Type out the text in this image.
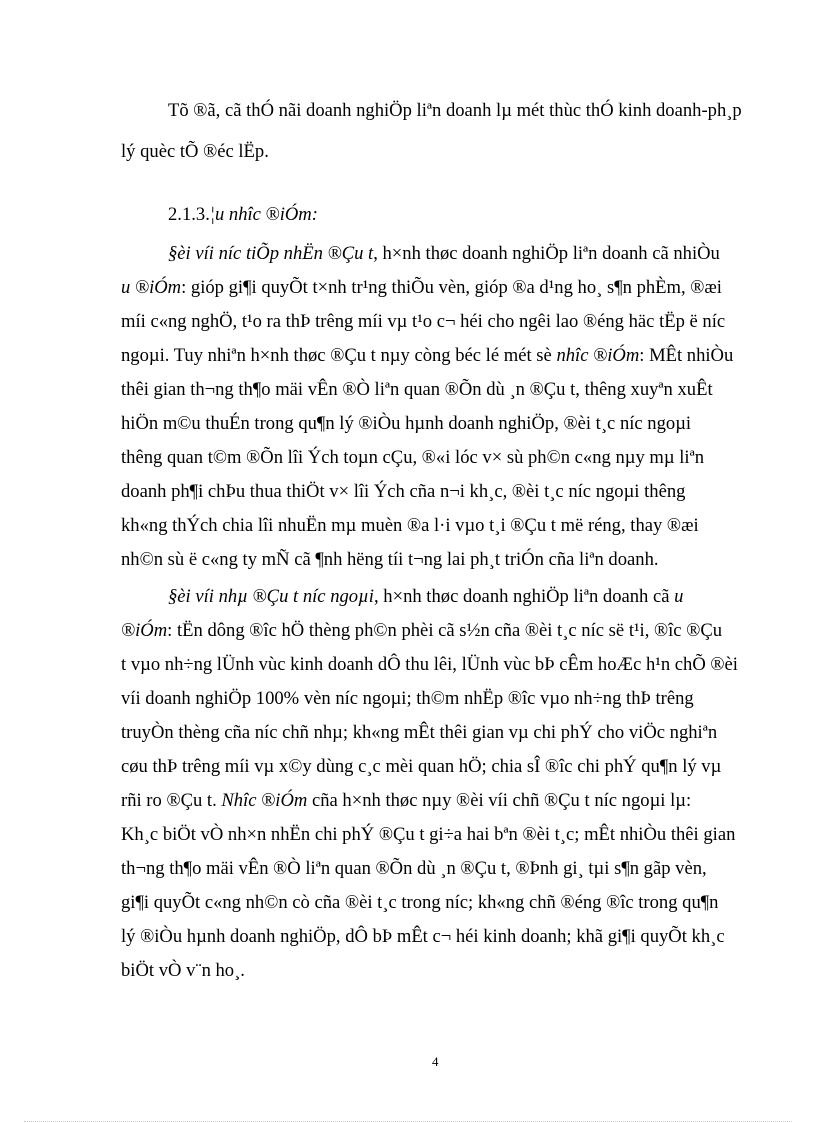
Tõ ®ã, cã thÓ nãi doanh nghiÖp liªn doanh lµ mét thùc thÓ kinh doanh-ph¸p
lý quèc tÕ ®éc lËp.
2.1.3.¦u nhîc ®iÓm:
§èi víi níc tiÕp nhËn ®Çu t, h×nh thøc doanh nghiÖp liªn doanh cã nhiÒu
u ®iÓm: gióp gi¶i quyÕt t×nh tr¹ng thiÕu vèn, gióp ®a d¹ng ho¸ s¶n phÈm, ®æi
míi c«ng nghÖ, t¹o ra thÞ trêng míi vµ t¹o c¬ héi cho ngêi lao ®éng häc tËp ë níc
ngoµi. Tuy nhiªn h×nh thøc ®Çu t nµy còng béc lé mét sè nhîc ®iÓm: MÊt nhiÒu
thêi gian th¬ng th¶o mäi vÊn ®Ò liªn quan ®Õn dù ¸n ®Çu t, thêng xuyªn xuÊt
hiÖn m©u thuÉn trong qu¶n lý ®iÒu hµnh doanh nghiÖp, ®èi t¸c níc ngoµi
thêng quan t©m ®Õn lîi Ých toµn cÇu, ®«i lóc v× sù ph©n c«ng nµy mµ liªn
doanh ph¶i chÞu thua thiÖt v× lîi Ých cña n¬i kh¸c, ®èi t¸c níc ngoµi thêng
kh«ng thÝch chia lîi nhuËn mµ muèn ®a l·i vµo t¸i ®Çu t më réng, thay ®æi
nh©n sù ë c«ng ty mÑ cã ¶nh hëng tíi t¬ng lai ph¸t triÓn cña liªn doanh.
§èi víi nhµ ®Çu t níc ngoµi, h×nh thøc doanh nghiÖp liªn doanh cã u
®iÓm: tËn dông ®îc hÖ thèng ph©n phèi cã s½n cña ®èi t¸c níc së t¹i, ®îc ®Çu
t vµo nh÷ng lÜnh vùc kinh doanh dÔ thu lêi, lÜnh vùc bÞ cÊm hoÆc h¹n chÕ ®èi
víi doanh nghiÖp 100% vèn níc ngoµi; th©m nhËp ®îc vµo nh÷ng thÞ trêng
truyÒn thèng cña níc chñ nhµ; kh«ng mÊt thêi gian vµ chi phÝ cho viÖc nghiªn
cøu thÞ trêng míi vµ x©y dùng c¸c mèi quan hÖ; chia sÎ ®îc chi phÝ qu¶n lý vµ
rñi ro ®Çu t. Nhîc ®iÓm cña h×nh thøc nµy ®èi víi chñ ®Çu t níc ngoµi lµ:
Kh¸c biÖt vÒ nh×n nhËn chi phÝ ®Çu t gi÷a hai bªn ®èi t¸c; mÊt nhiÒu thêi gian
th¬ng th¶o mäi vÊn ®Ò liªn quan ®Õn dù ¸n ®Çu t, ®Þnh gi¸ tµi s¶n gãp vèn,
gi¶i quyÕt c«ng nh©n cò cña ®èi t¸c trong níc; kh«ng chñ ®éng ®îc trong qu¶n
lý ®iÒu hµnh doanh nghiÖp, dÔ bÞ mÊt c¬ héi kinh doanh; khã gi¶i quyÕt kh¸c
biÖt vÒ v¨n ho¸.
4
